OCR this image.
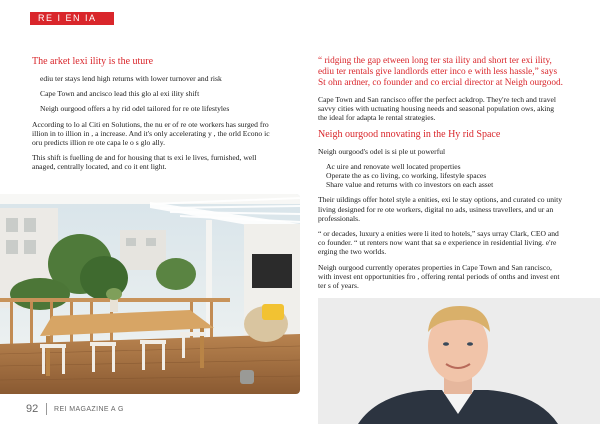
RE I EN IA
The arket lexi ility is the uture

ediu ter stays lend high returns with lower turnover and risk

Cape Town and ancisco lead this glo al exi ility shift

Neigh ourgood offers a hy rid odel tailored for re ote lifestyles

According to lo al Citi en Solutions, the nu er of re ote workers has surged fro illion in to illion in , a increase. And it's only accelerating y , the orld Econo ic oru predicts illion re ote capa le o s glo ally.

This shift is fuelling de and for housing that ts exi le lives, furnished, well anaged, centrally located, and co it ent light.

“ ridging the gap etween long ter sta ility and short ter exi ility, ediu ter rentals give landlords etter inco e with less hassle,” says St ohn ardner, co founder and co ercial director at Neigh ourgood.

Cape Town and San rancisco offer the perfect ackdrop. They're tech and travel savvy cities with uctuating housing needs and seasonal population ows, aking the ideal for adapta le rental strategies.

Neigh ourgood nnovating in the Hy rid Space

Neigh ourgood's odel is si ple ut powerful

Ac uire and renovate well located properties
Operate the as co living, co working, lifestyle spaces
Share value and returns with co investors on each asset

Their uildings offer hotel style a enities, exi le stay options, and curated co unity living designed for re ote workers, digital no ads, usiness travellers, and ur an professionals.

“ or decades, luxury a enities were li ited to hotels,” says urray Clark, CEO and co founder. “ ut renters now want that sa e experience in residential living. e're erging the two worlds.

Neigh ourgood currently operates properties in Cape Town and San rancisco, with invest ent opportunities fro , offering rental periods of onths and invest ent ter s of years.

92 REI MAGAZINE A G
